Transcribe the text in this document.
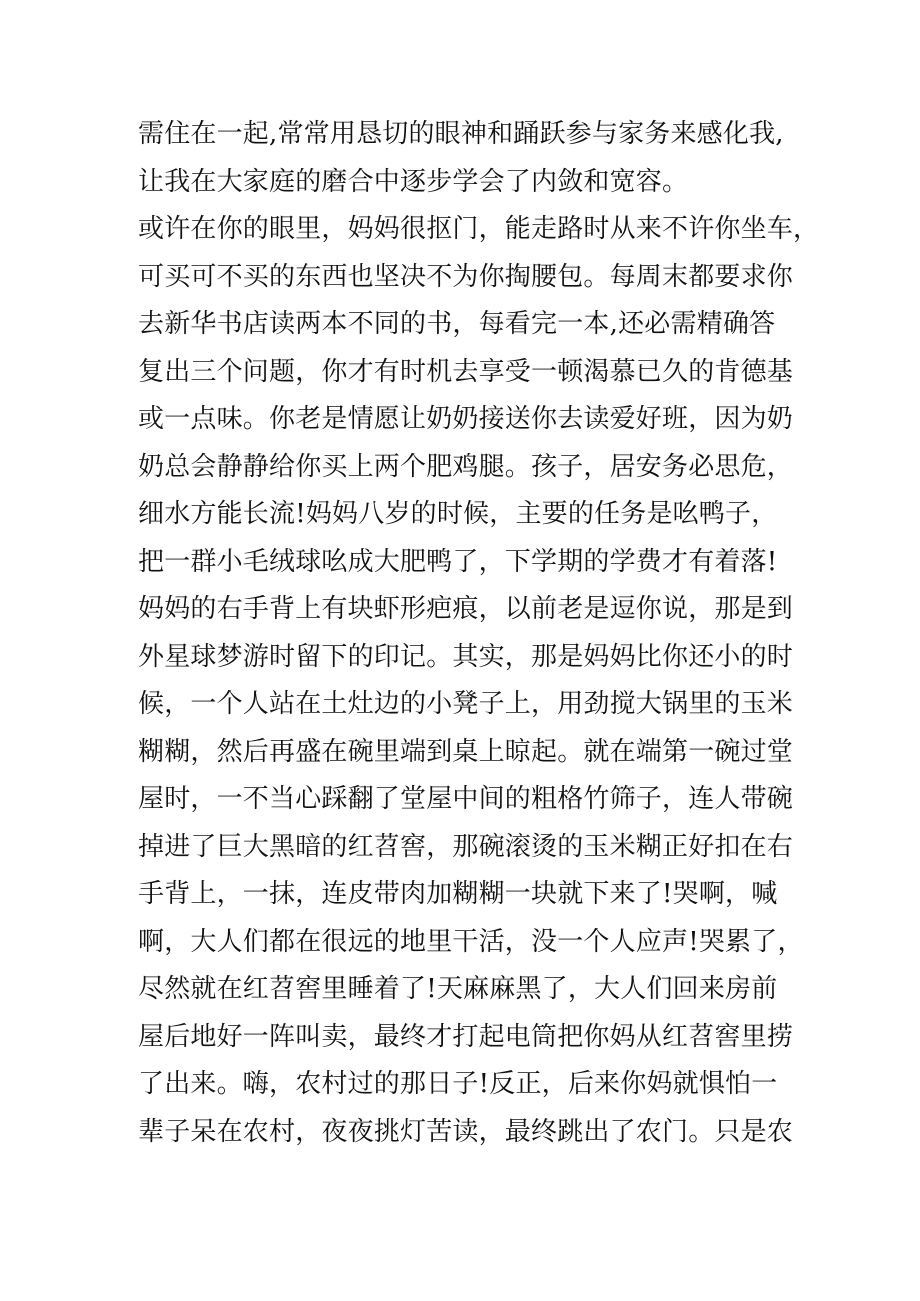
需住在一起,常常用恳切的眼神和踊跃参与家务来感化我,
让我在大家庭的磨合中逐步学会了内敛和宽容。
或许在你的眼里，妈妈很抠门，能走路时从来不许你坐车，
可买可不买的东西也坚决不为你掏腰包。每周末都要求你
去新华书店读两本不同的书，每看完一本,还必需精确答
复出三个问题，你才有时机去享受一顿渴慕已久的肯德基
或一点味。你老是情愿让奶奶接送你去读爱好班，因为奶
奶总会静静给你买上两个肥鸡腿。孩子，居安务必思危，
细水方能长流!妈妈八岁的时候，主要的任务是吆鸭子，
把一群小毛绒球吆成大肥鸭了，下学期的学费才有着落!
妈妈的右手背上有块虾形疤痕，以前老是逗你说，那是到
外星球梦游时留下的印记。其实，那是妈妈比你还小的时
候，一个人站在土灶边的小凳子上，用劲搅大锅里的玉米
糊糊，然后再盛在碗里端到桌上晾起。就在端第一碗过堂
屋时，一不当心踩翻了堂屋中间的粗格竹筛子，连人带碗
掉进了巨大黑暗的红苕窖，那碗滚烫的玉米糊正好扣在右
手背上，一抹，连皮带肉加糊糊一块就下来了!哭啊，喊
啊，大人们都在很远的地里干活，没一个人应声!哭累了，
尽然就在红苕窖里睡着了!天麻麻黑了，大人们回来房前
屋后地好一阵叫卖，最终才打起电筒把你妈从红苕窖里捞
了出来。嗨，农村过的那日子!反正，后来你妈就惧怕一
辈子呆在农村，夜夜挑灯苦读，最终跳出了农门。只是农
